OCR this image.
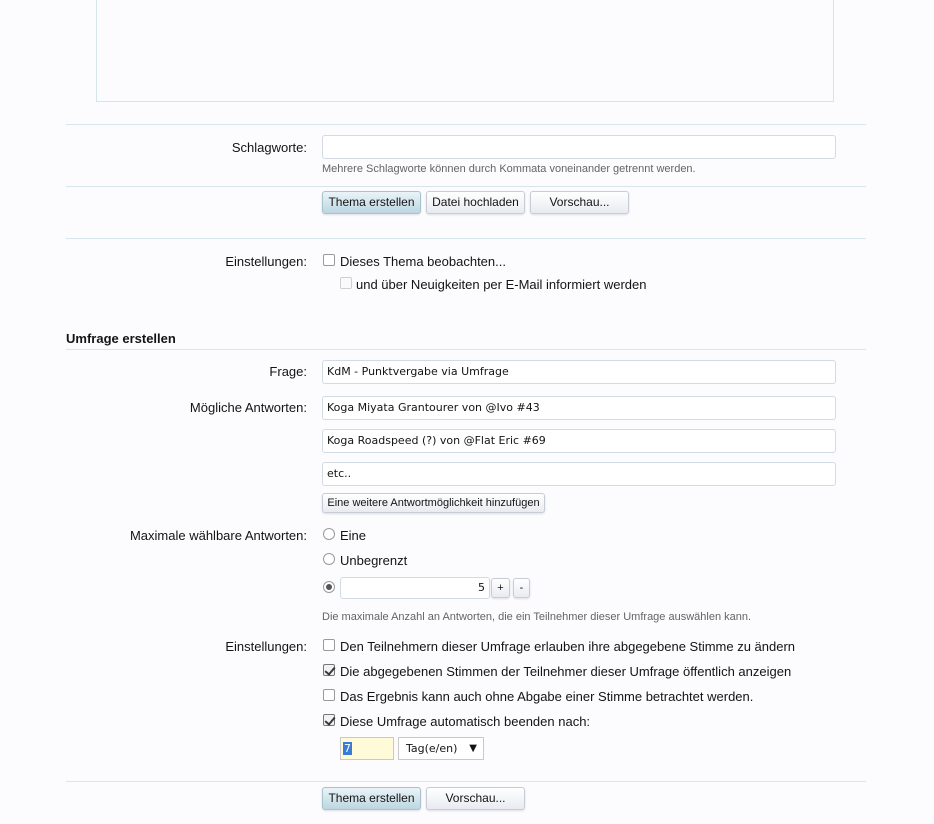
Schlagworte:
Mehrere Schlagworte können durch Kommata voneinander getrennt werden.
Thema erstellen	Datei hochladen	Vorschau...
Einstellungen:	Dieses Thema beobachten...
und über Neuigkeiten per E-Mail informiert werden
Umfrage erstellen
Frage:	KdM - Punktvergabe via Umfrage
Mögliche Antworten:	Koga Miyata Grantourer von @Ivo #43
Koga Roadspeed (?) von @Flat Eric #69
etc..
Eine weitere Antwortmöglichkeit hinzufügen
Maximale wählbare Antworten:	Eine
Unbegrenzt
5	+	-
Die maximale Anzahl an Antworten, die ein Teilnehmer dieser Umfrage auswählen kann.
Einstellungen:	Den Teilnehmern dieser Umfrage erlauben ihre abgegebene Stimme zu ändern
Die abgegebenen Stimmen der Teilnehmer dieser Umfrage öffentlich anzeigen
Das Ergebnis kann auch ohne Abgabe einer Stimme betrachtet werden.
Diese Umfrage automatisch beenden nach:
7	Tag(e/en) ▼
Thema erstellen	Vorschau...
